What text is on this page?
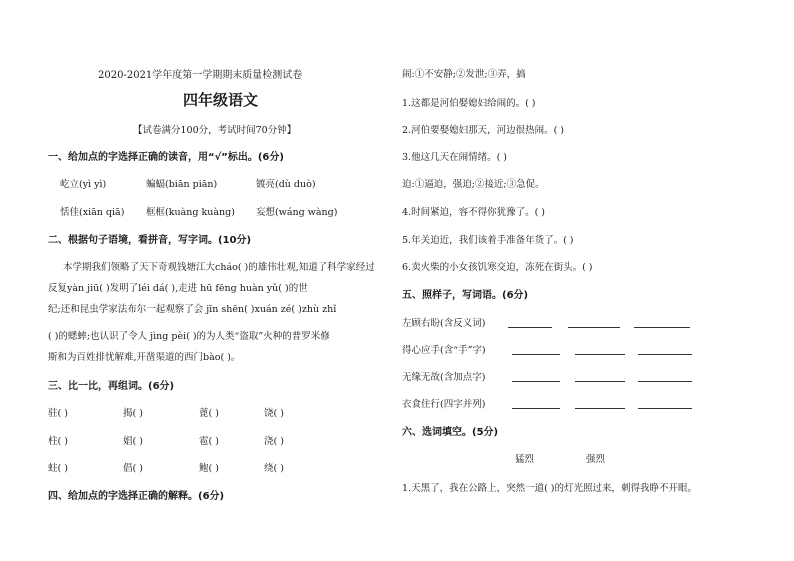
2020-2021学年度第一学期期末质量检测试卷
四年级语文
【试卷满分100分，考试时间70分钟】
一、给加点的字选择正确的读音，用“√”标出。(6分)
屹立(yì yì)	蝙蝠(biān piān)	镀亮(dù duò)
恬佳(xiān qiā) 框框(kuàng kuàng) 妄想(wáng wàng)
二、根据句子语境，看拼音，写字词。(10分)
本学期我们领略了天下奇观钱塘江大cháo( )的雄伟壮观,知道了科学家经过
反复yàn jiū( )发明了léi dá( ),走进 hū fēng huàn yǔ( )的世
纪;还和昆虫学家法布尔一起观察了会 jīn shēn( )xuán zé( )zhù zhǐ
( )的蟋蟀;也认识了令人 jìng pèi( )的为人类“盗取”火种的普罗米修
斯和为百姓排忧解难,开凿渠道的西门bào( )。
三、比一比，再组词。(6分)
驻( )	揭( )	蓖( )	饶( )
柱( )	娼( )	雹( )	浇( )
蛀( )	倡( )	鲍( )	绕( )
四、给加点的字选择正确的解释。(6分)
闹:①不安静;②发泄;③弄，搞
1.这都是河伯娶媳妇给闹的。( )
2.河伯要娶媳妇那天，河边很热闹。( )
3.他这几天在闹情绪。( )
迫:①逼迫，强迫;②接近;③急促。
4.时间紧迫，容不得你犹豫了。( )
5.年关迫近，我们该着手准备年货了。( )
6.卖火柴的小女孩饥寒交迫，冻死在街头。( )
五、照样子，写词语。(6分)
左顾右盼(含反义词)
得心应手(含“手”字)
无缘无故(含加点字)
衣食住行(四字并列)
六、选词填空。(5分)
猛烈	强烈
1.天黑了，我在公路上，突然一道( )的灯光照过来，刺得我睁不开眼。
